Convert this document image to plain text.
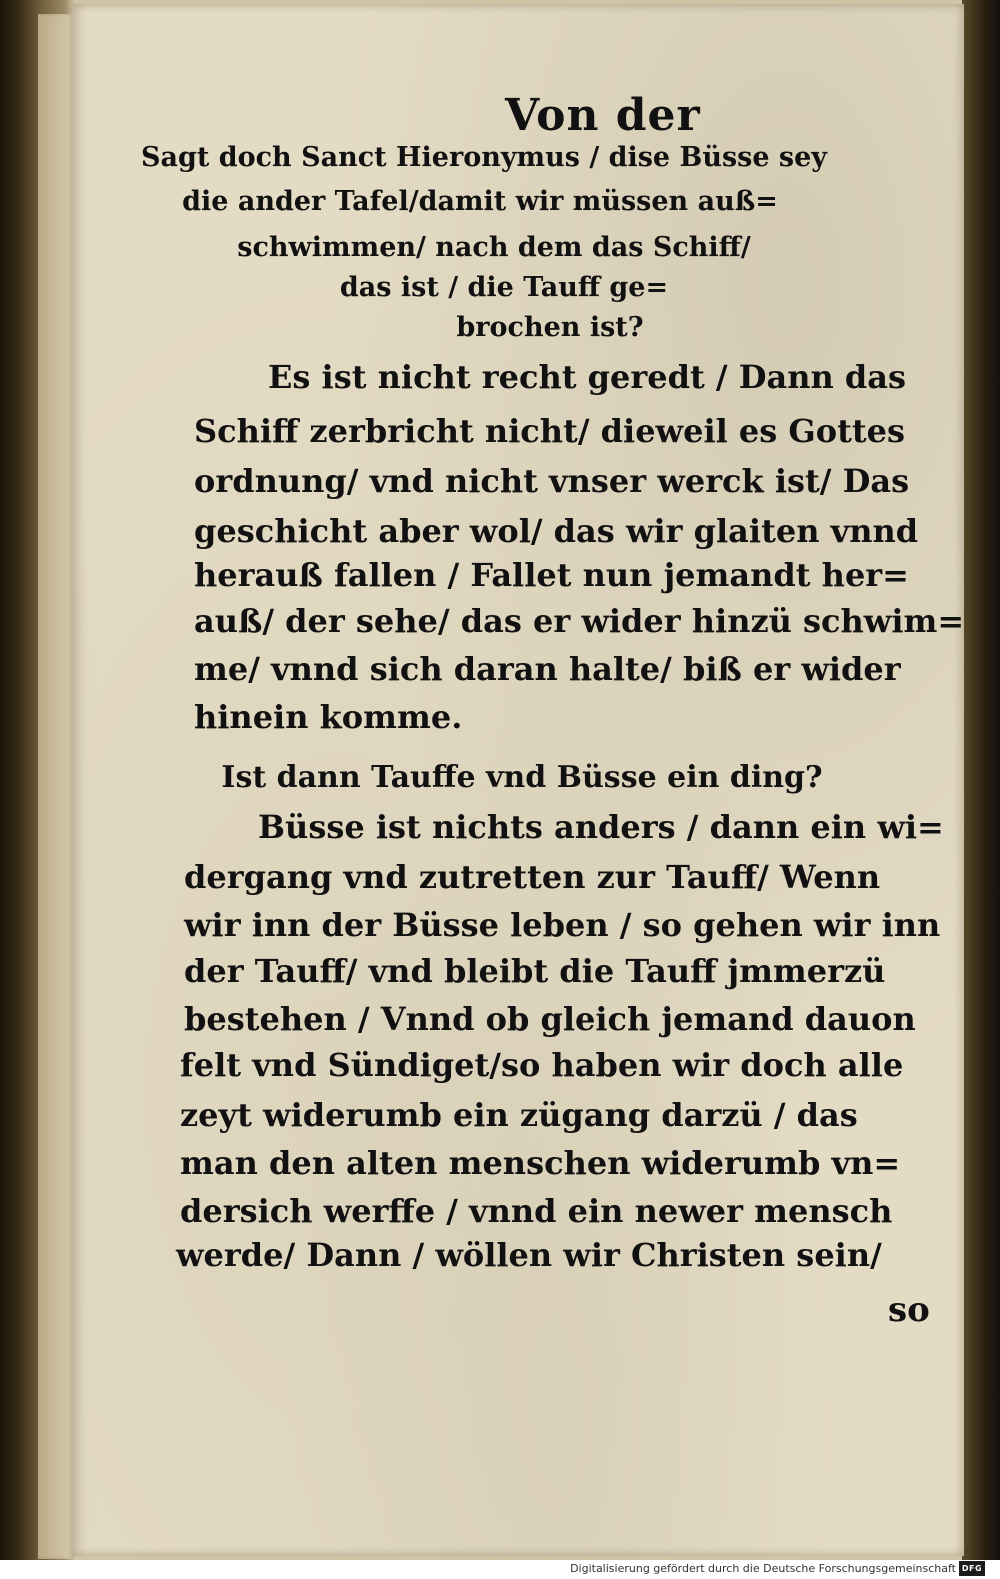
Von der
Sagt doch Sanct Hieronymus / dise Büsse sey
die ander Tafel/damit wir müssen auß=
schwimmen/ nach dem das Schiff/
das ist / die Tauff ge=
brochen ist?
Es ist nicht recht geredt / Dann das
Schiff zerbricht nicht/ dieweil es Gottes
ordnung/ vnd nicht vnser werck ist/ Das
geschicht aber wol/ das wir glaiten vnnd
herauß fallen / Fallet nun jemandt her=
auß/ der sehe/ das er wider hinzü schwim=
me/ vnnd sich daran halte/ biß er wider
hinein komme.
Ist dann Tauffe vnd Büsse ein ding?
Büsse ist nichts anders / dann ein wi=
dergang vnd zutretten zur Tauff/ Wenn
wir inn der Büsse leben / so gehen wir inn
der Tauff/ vnd bleibt die Tauff jmmerzü
bestehen / Vnnd ob gleich jemand dauon
felt vnd Sündiget/so haben wir doch alle
zeyt widerumb ein zügang darzü / das
man den alten menschen widerumb vn=
dersich werffe / vnnd ein newer mensch
werde/ Dann / wöllen wir Christen sein/
so
Digitalisierung gefördert durch die Deutsche Forschungsgemeinschaft DFG
